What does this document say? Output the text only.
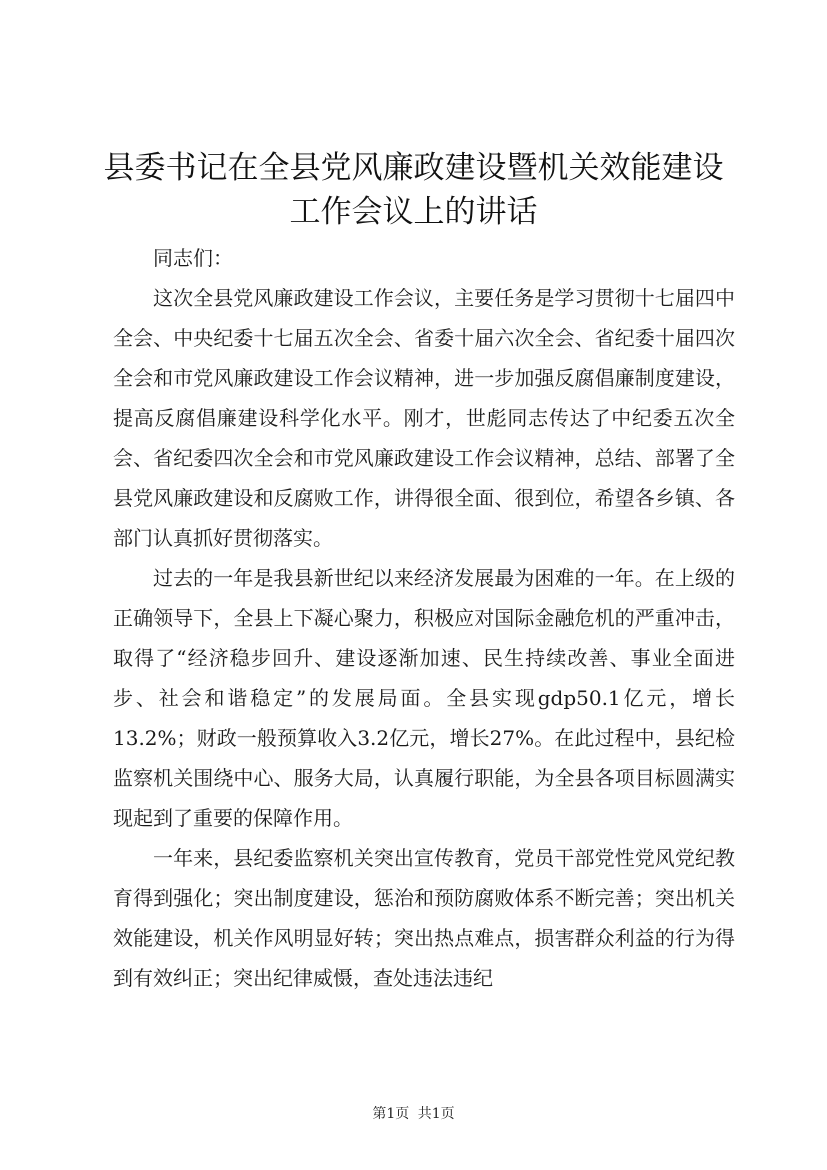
县委书记在全县党风廉政建设暨机关效能建设
工作会议上的讲话

同志们：

这次全县党风廉政建设工作会议，主要任务是学习贯彻十七届四中全会、中央纪委十七届五次全会、省委十届六次全会、省纪委十届四次全会和市党风廉政建设工作会议精神，进一步加强反腐倡廉制度建设，提高反腐倡廉建设科学化水平。刚才，世彪同志传达了中纪委五次全会、省纪委四次全会和市党风廉政建设工作会议精神，总结、部署了全县党风廉政建设和反腐败工作，讲得很全面、很到位，希望各乡镇、各部门认真抓好贯彻落实。

过去的一年是我县新世纪以来经济发展最为困难的一年。在上级的正确领导下，全县上下凝心聚力，积极应对国际金融危机的严重冲击，取得了“经济稳步回升、建设逐渐加速、民生持续改善、事业全面进步、社会和谐稳定”的发展局面。全县实现gdp50.1亿元，增长13.2%；财政一般预算收入3.2亿元，增长27%。在此过程中，县纪检监察机关围绕中心、服务大局，认真履行职能，为全县各项目标圆满实现起到了重要的保障作用。

一年来，县纪委监察机关突出宣传教育，党员干部党性党风党纪教育得到强化；突出制度建设，惩治和预防腐败体系不断完善；突出机关效能建设，机关作风明显好转；突出热点难点，损害群众利益的行为得到有效纠正；突出纪律威慑，查处违法违纪

第1页 共1页
